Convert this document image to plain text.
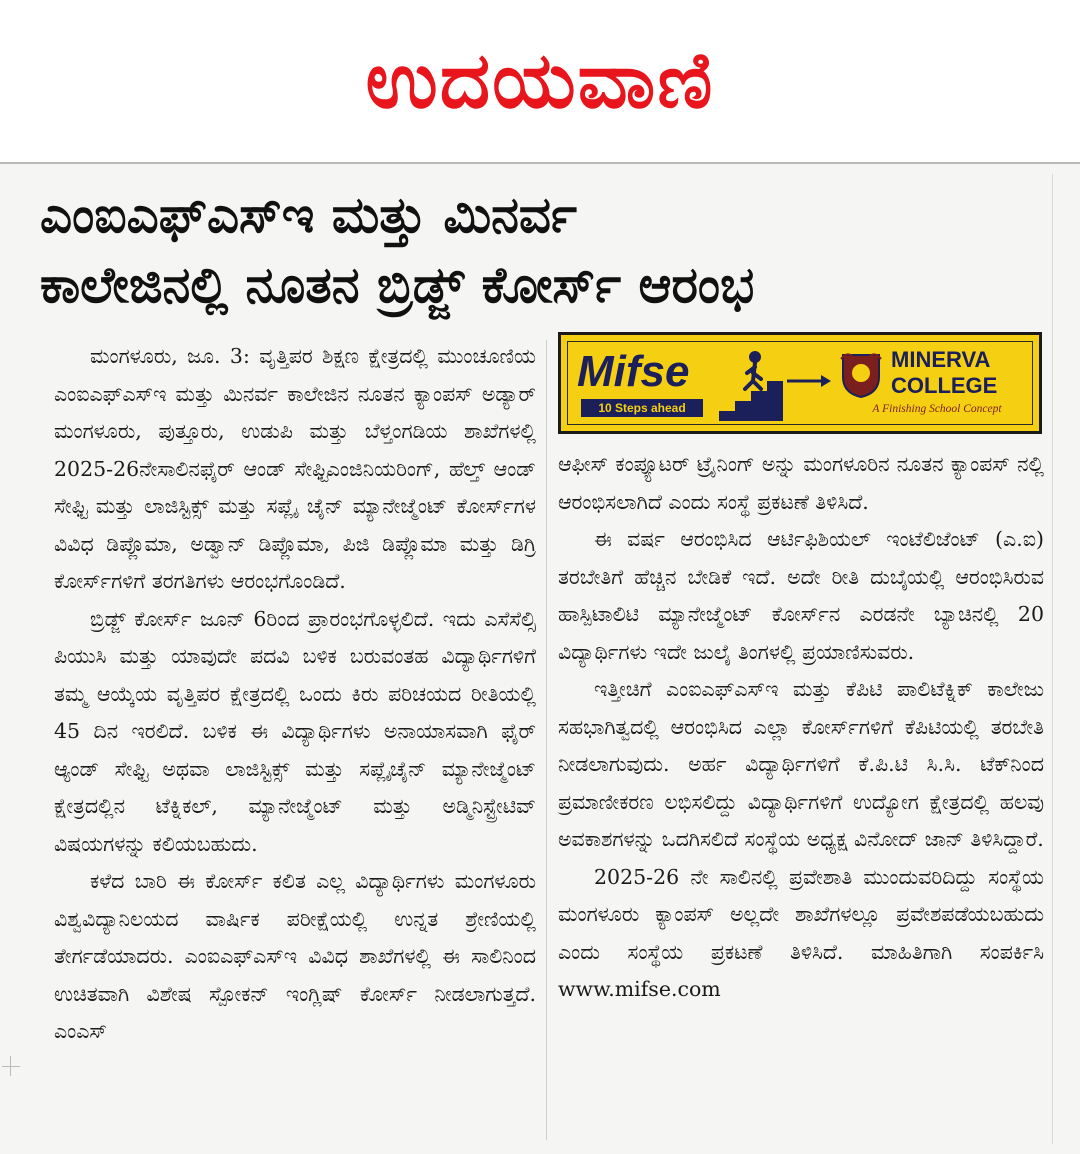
ಉದಯವಾಣಿ
ಎಂಐಎಫ್ಎಸ್ಇ ಮತ್ತು ಮಿನರ್ವ
ಕಾಲೇಜಿನಲ್ಲಿ ನೂತನ ಬ್ರಿಡ್ಜ್ ಕೋರ್ಸ್ ಆರಂಭ

ಮಂಗಳೂರು, ಜೂ. 3: ವೃತ್ತಿಪರ ಶಿಕ್ಷಣ ಕ್ಷೇತ್ರದಲ್ಲಿ ಮುಂಚೂಣಿಯ ಎಂಐಎಫ್ಎಸ್ಇ ಮತ್ತು ಮಿನರ್ವ ಕಾಲೇಜಿನ ನೂತನ ಕ್ಯಾಂಪಸ್ ಅಡ್ಯಾರ್ ಮಂಗಳೂರು, ಪುತ್ತೂರು, ಉಡುಪಿ ಮತ್ತು ಬೆಳ್ತಂಗಡಿಯ ಶಾಖೆಗಳಲ್ಲಿ 2025-26ನೇಸಾಲಿನಫೈರ್ ಆಂಡ್ ಸೇಫ್ಟಿಎಂಜಿನಿಯರಿಂಗ್, ಹೆಲ್ತ್ ಆಂಡ್ ಸೇಫ್ಟಿ ಮತ್ತು ಲಾಜಿಸ್ಟಿಕ್ಸ್ ಮತ್ತು ಸಪ್ಲೈ ಚೈನ್ ಮ್ಯಾನೇಜ್ಮೆಂಟ್ ಕೋರ್ಸ್‌ಗಳ ವಿವಿಧ ಡಿಪ್ಲೊಮಾ, ಅಡ್ವಾನ್ ಡಿಪ್ಲೊಮಾ, ಪಿಜಿ ಡಿಪ್ಲೊಮಾ ಮತ್ತು ಡಿಗ್ರಿ ಕೋರ್ಸ್‌ಗಳಿಗೆ ತರಗತಿಗಳು ಆರಂಭಗೊಂಡಿದೆ.

ಬ್ರಿಡ್ಜ್ ಕೋರ್ಸ್ ಜೂನ್ 6ರಿಂದ ಪ್ರಾರಂಭಗೊಳ್ಳಲಿದೆ. ಇದು ಎಸೆಸೆಲ್ಸಿ ಪಿಯುಸಿ ಮತ್ತು ಯಾವುದೇ ಪದವಿ ಬಳಿಕ ಬರುವಂತಹ ವಿದ್ಯಾರ್ಥಿಗಳಿಗೆ ತಮ್ಮ ಆಯ್ಕೆಯ ವೃತ್ತಿಪರ ಕ್ಷೇತ್ರದಲ್ಲಿ ಒಂದು ಕಿರು ಪರಿಚಯದ ರೀತಿಯಲ್ಲಿ 45 ದಿನ ಇರಲಿದೆ. ಬಳಿಕ ಈ ವಿದ್ಯಾರ್ಥಿಗಳು ಅನಾಯಾಸವಾಗಿ ಫೈರ್ ಆ್ಯಂಡ್ ಸೇಫ್ಟಿ ಅಥವಾ ಲಾಜಿಸ್ಟಿಕ್ಸ್ ಮತ್ತು ಸಪ್ಲೈಚೈನ್ ಮ್ಯಾನೇಜ್ಮೆಂಟ್ ಕ್ಷೇತ್ರದಲ್ಲಿನ ಟೆಕ್ನಿಕಲ್, ಮ್ಯಾನೇಜ್ಮೆಂಟ್ ಮತ್ತು ಅಡ್ಮಿನಿಸ್ಟ್ರೇಟಿವ್ ವಿಷಯಗಳನ್ನು ಕಲಿಯಬಹುದು.

ಕಳೆದ ಬಾರಿ ಈ ಕೋರ್ಸ್ ಕಲಿತ ಎಲ್ಲ ವಿದ್ಯಾರ್ಥಿಗಳು ಮಂಗಳೂರು ವಿಶ್ವವಿದ್ಯಾನಿಲಯದ ವಾರ್ಷಿಕ ಪರೀಕ್ಷೆಯಲ್ಲಿ ಉನ್ನತ ಶ್ರೇಣಿಯಲ್ಲಿ ತೇರ್ಗಡೆಯಾದರು. ಎಂಐಎಫ್ಎಸ್ಇ ವಿವಿಧ ಶಾಖೆಗಳಲ್ಲಿ ಈ ಸಾಲಿನಿಂದ ಉಚಿತವಾಗಿ ವಿಶೇಷ ಸ್ಪೋಕನ್ ಇಂಗ್ಲಿಷ್ ಕೋರ್ಸ್ ನೀಡಲಾಗುತ್ತದೆ. ಎಂಎಸ್

Mifse
10 Steps ahead
MINERVA
COLLEGE
A Finishing School Concept

ಆಫೀಸ್ ಕಂಪ್ಯೂಟರ್ ಟ್ರೈನಿಂಗ್ ಅನ್ನು ಮಂಗಳೂರಿನ ನೂತನ ಕ್ಯಾಂಪಸ್ ನಲ್ಲಿ ಆರಂಭಿಸಲಾಗಿದೆ ಎಂದು ಸಂಸ್ಥೆ ಪ್ರಕಟಣೆ ತಿಳಿಸಿದೆ.

ಈ ವರ್ಷ ಆರಂಭಿಸಿದ ಆರ್ಟಿಫಿಶಿಯಲ್ ಇಂಟೆಲಿಜೆಂಟ್ (ಎ.ಐ) ತರಬೇತಿಗೆ ಹೆಚ್ಚಿನ ಬೇಡಿಕೆ ಇದೆ. ಅದೇ ರೀತಿ ದುಬೈಯಲ್ಲಿ ಆರಂಭಿಸಿರುವ ಹಾಸ್ಪಿಟಾಲಿಟಿ ಮ್ಯಾನೇಜ್ಮೆಂಟ್ ಕೋರ್ಸ್‌ನ ಎರಡನೇ ಬ್ಯಾಚಿನಲ್ಲಿ 20 ವಿದ್ಯಾರ್ಥಿಗಳು ಇದೇ ಜುಲೈ ತಿಂಗಳಲ್ಲಿ ಪ್ರಯಾಣಿಸುವರು.

ಇತ್ತೀಚಿಗೆ ಎಂಐಎಫ್ಎಸ್ಇ ಮತ್ತು ಕೆಪಿಟಿ ಪಾಲಿಟೆಕ್ನಿಕ್ ಕಾಲೇಜು ಸಹಭಾಗಿತ್ವದಲ್ಲಿ ಆರಂಭಿಸಿದ ಎಲ್ಲಾ ಕೋರ್ಸ್‌ಗಳಿಗೆ ಕೆಪಿಟಿಯಲ್ಲಿ ತರಬೇತಿ ನೀಡಲಾಗುವುದು. ಅರ್ಹ ವಿದ್ಯಾರ್ಥಿಗಳಿಗೆ ಕೆ.ಪಿ.ಟಿ ಸಿ.ಸಿ. ಟೆಕ್‌ನಿಂದ ಪ್ರಮಾಣೀಕರಣ ಲಭಿಸಲಿದ್ದು ವಿದ್ಯಾರ್ಥಿಗಳಿಗೆ ಉದ್ಯೋಗ ಕ್ಷೇತ್ರದಲ್ಲಿ ಹಲವು ಅವಕಾಶಗಳನ್ನು ಒದಗಿಸಲಿದೆ ಸಂಸ್ಥೆಯ ಅಧ್ಯಕ್ಷ ವಿನೋದ್ ಜಾನ್ ತಿಳಿಸಿದ್ದಾರೆ.

2025-26 ನೇ ಸಾಲಿನಲ್ಲಿ ಪ್ರವೇಶಾತಿ ಮುಂದುವರಿದಿದ್ದು ಸಂಸ್ಥೆಯ ಮಂಗಳೂರು ಕ್ಯಾಂಪಸ್ ಅಲ್ಲದೇ ಶಾಖೆಗಳಲ್ಲೂ ಪ್ರವೇಶಪಡೆಯಬಹುದು ಎಂದು ಸಂಸ್ಥೆಯ ಪ್ರಕಟಣೆ ತಿಳಿಸಿದೆ. ಮಾಹಿತಿಗಾಗಿ ಸಂಪರ್ಕಿಸಿ www.mifse.com
